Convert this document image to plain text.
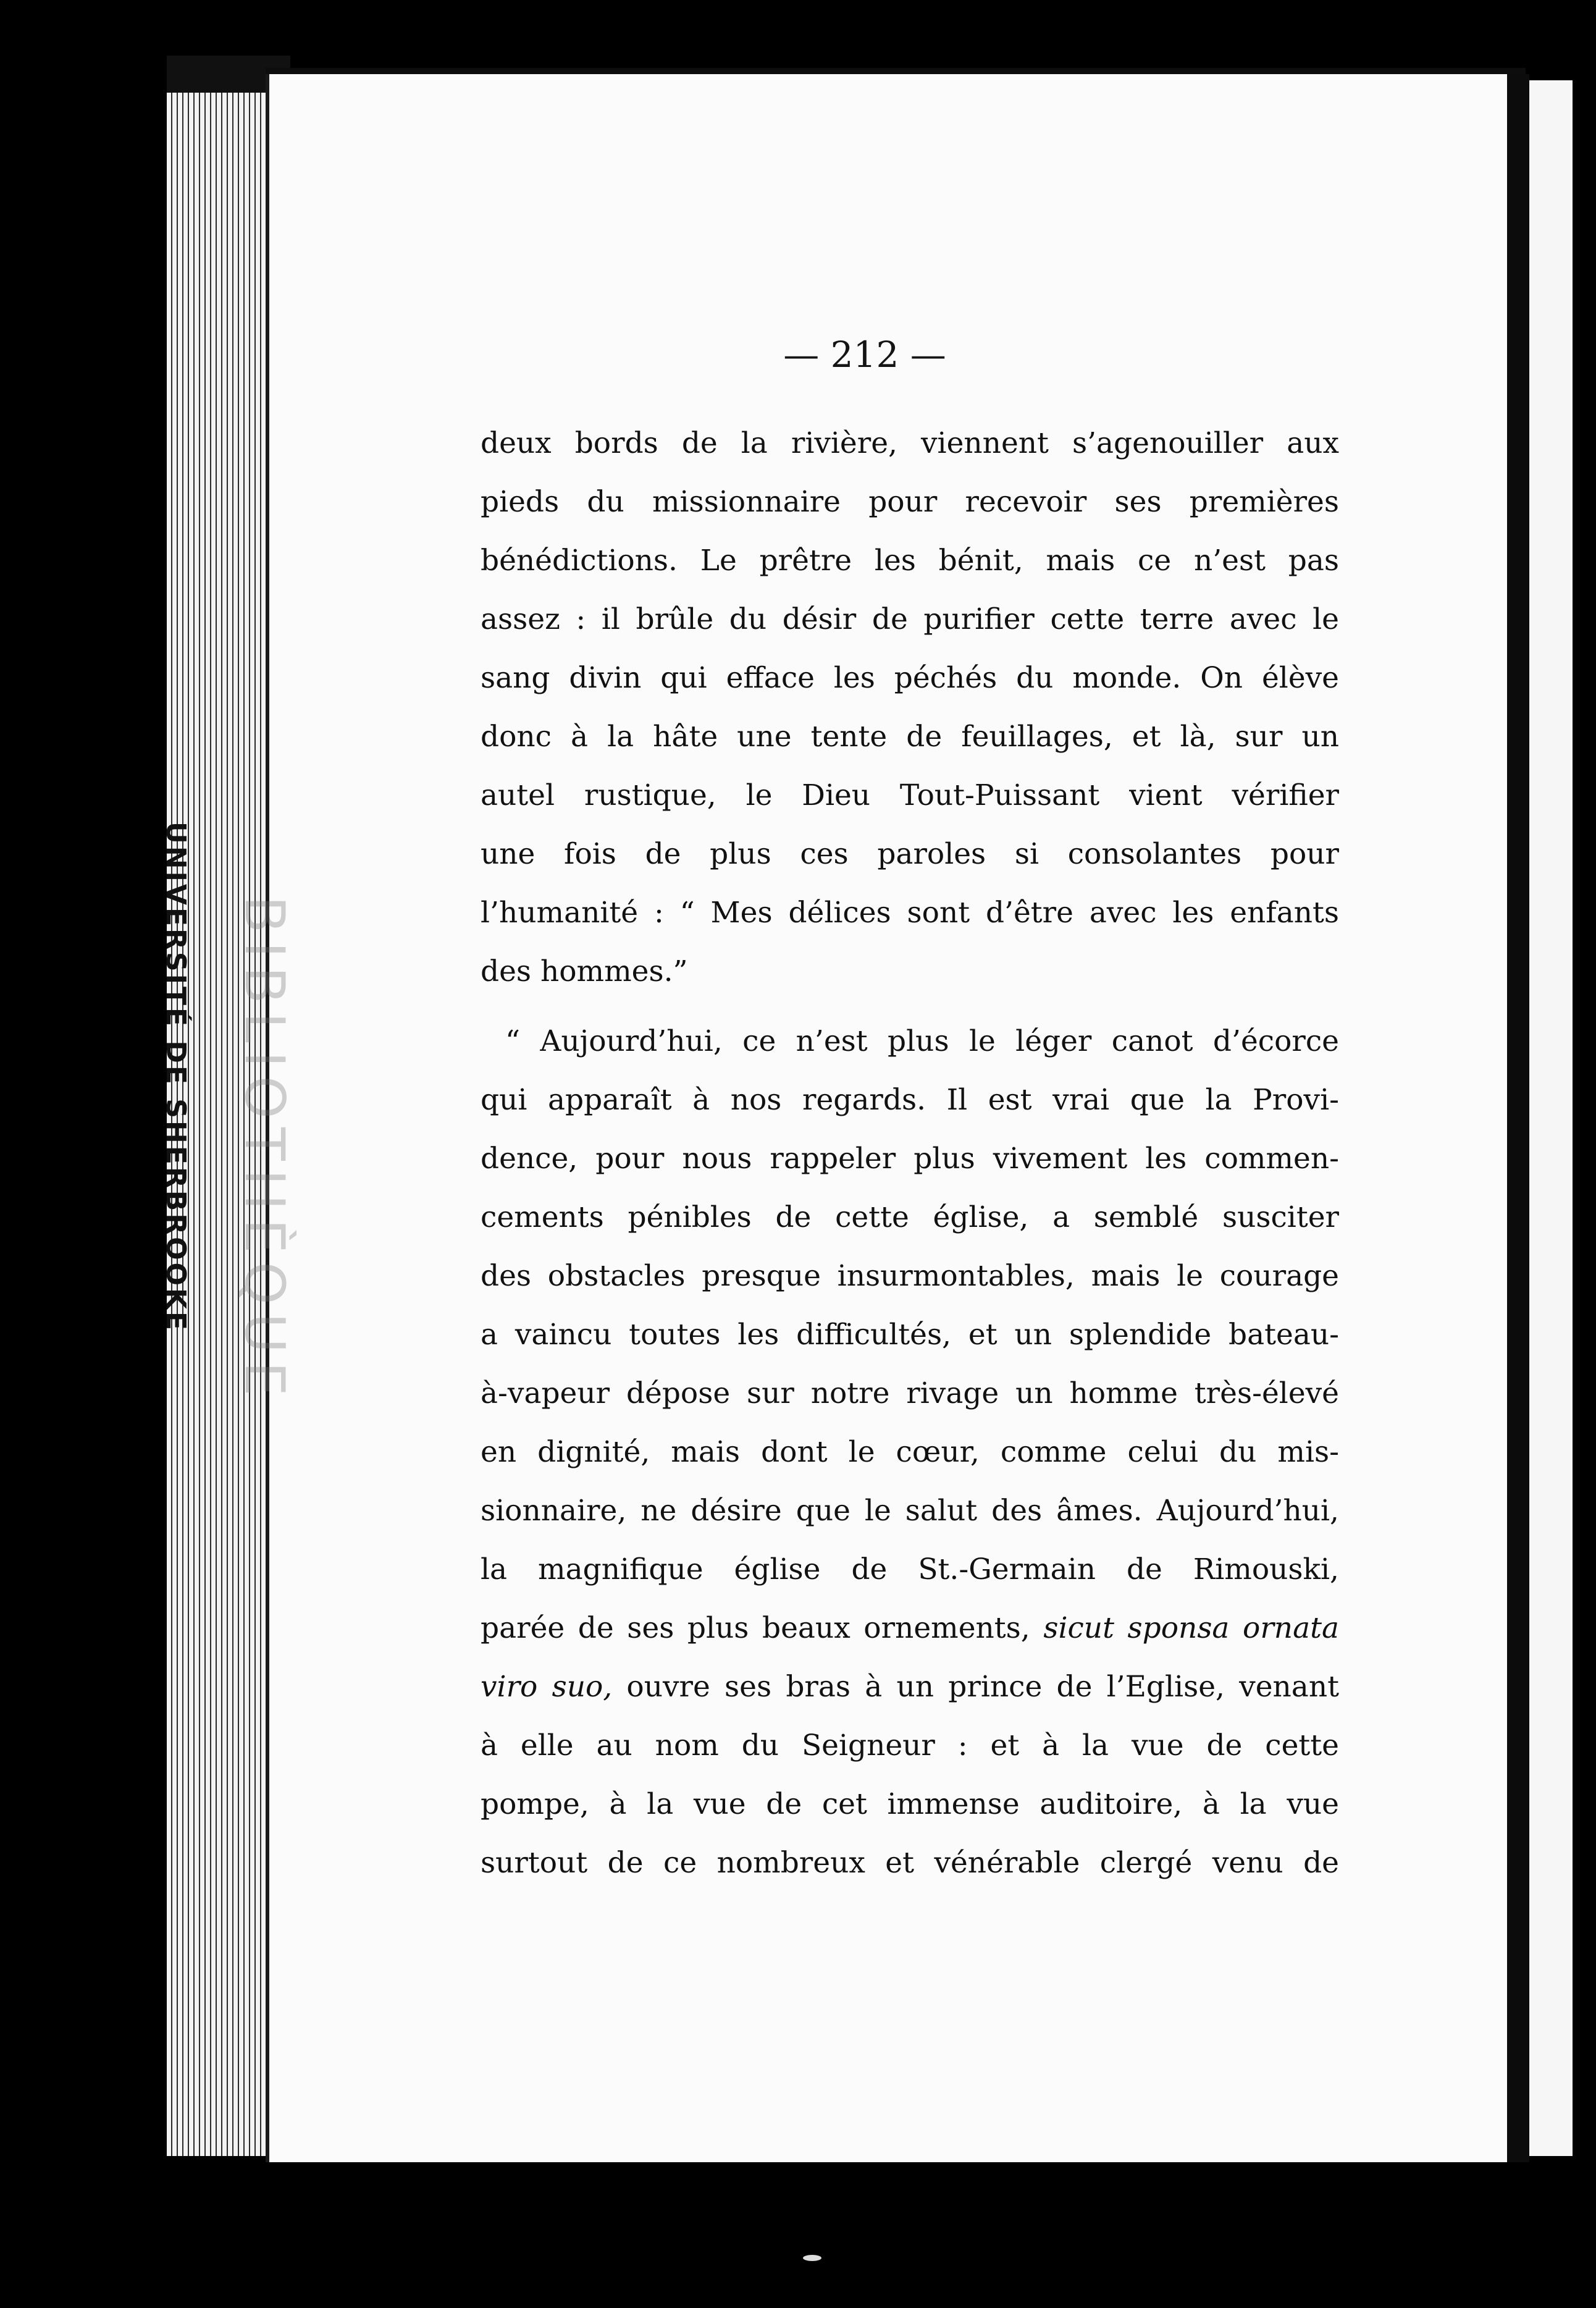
BIBLIOTHÈQUE
UNIVERSITÉ DE SHERBROOKE
— 212 —
deux bords de la rivière, viennent s’agenouiller aux
pieds du missionnaire pour recevoir ses premières
bénédictions. Le prêtre les bénit, mais ce n’est pas
assez : il brûle du désir de purifier cette terre avec le
sang divin qui efface les péchés du monde. On élève
donc à la hâte une tente de feuillages, et là, sur un
autel rustique, le Dieu Tout-Puissant vient vérifier
une fois de plus ces paroles si consolantes pour
l’humanité : “ Mes délices sont d’être avec les enfants
des hommes.”
“ Aujourd’hui, ce n’est plus le léger canot d’écorce
qui apparaît à nos regards. Il est vrai que la Provi-
dence, pour nous rappeler plus vivement les commen-
cements pénibles de cette église, a semblé susciter
des obstacles presque insurmontables, mais le courage
a vaincu toutes les difficultés, et un splendide bateau-
à-vapeur dépose sur notre rivage un homme très-élevé
en dignité, mais dont le cœur, comme celui du mis-
sionnaire, ne désire que le salut des âmes. Aujourd’hui,
la magnifique église de St.-Germain de Rimouski,
parée de ses plus beaux ornements, sicut sponsa ornata
viro suo, ouvre ses bras à un prince de l’Eglise, venant
à elle au nom du Seigneur : et à la vue de cette
pompe, à la vue de cet immense auditoire, à la vue
surtout de ce nombreux et vénérable clergé venu de
